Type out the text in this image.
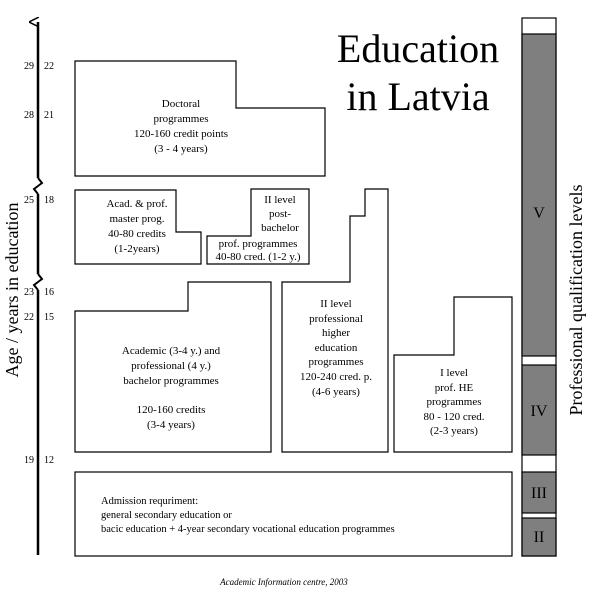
Age / years in education
29 22
28 21
25 18
23 16
22 15
19 12
Education
in Latvia
Doctoral
programmes
120-160 credit points
(3 - 4 years)
Acad. & prof.
master prog.
40-80 credits
(1-2years)
II level
post-
bachelor
prof. programmes
40-80 cred. (1-2 y.)
Academic (3-4 y.) and
professional (4 y.)
bachelor programmes
120-160 credits
(3-4 years)
II level
professional
higher
education
programmes
120-240 cred. p.
(4-6 years)
I level
prof. HE
programmes
80 - 120 cred.
(2-3 years)
Admission requriment:
general secondary education or
bacic education + 4-year secondary vocational education programmes
V
IV
III
II
Professional qualification levels
Academic Information centre, 2003
